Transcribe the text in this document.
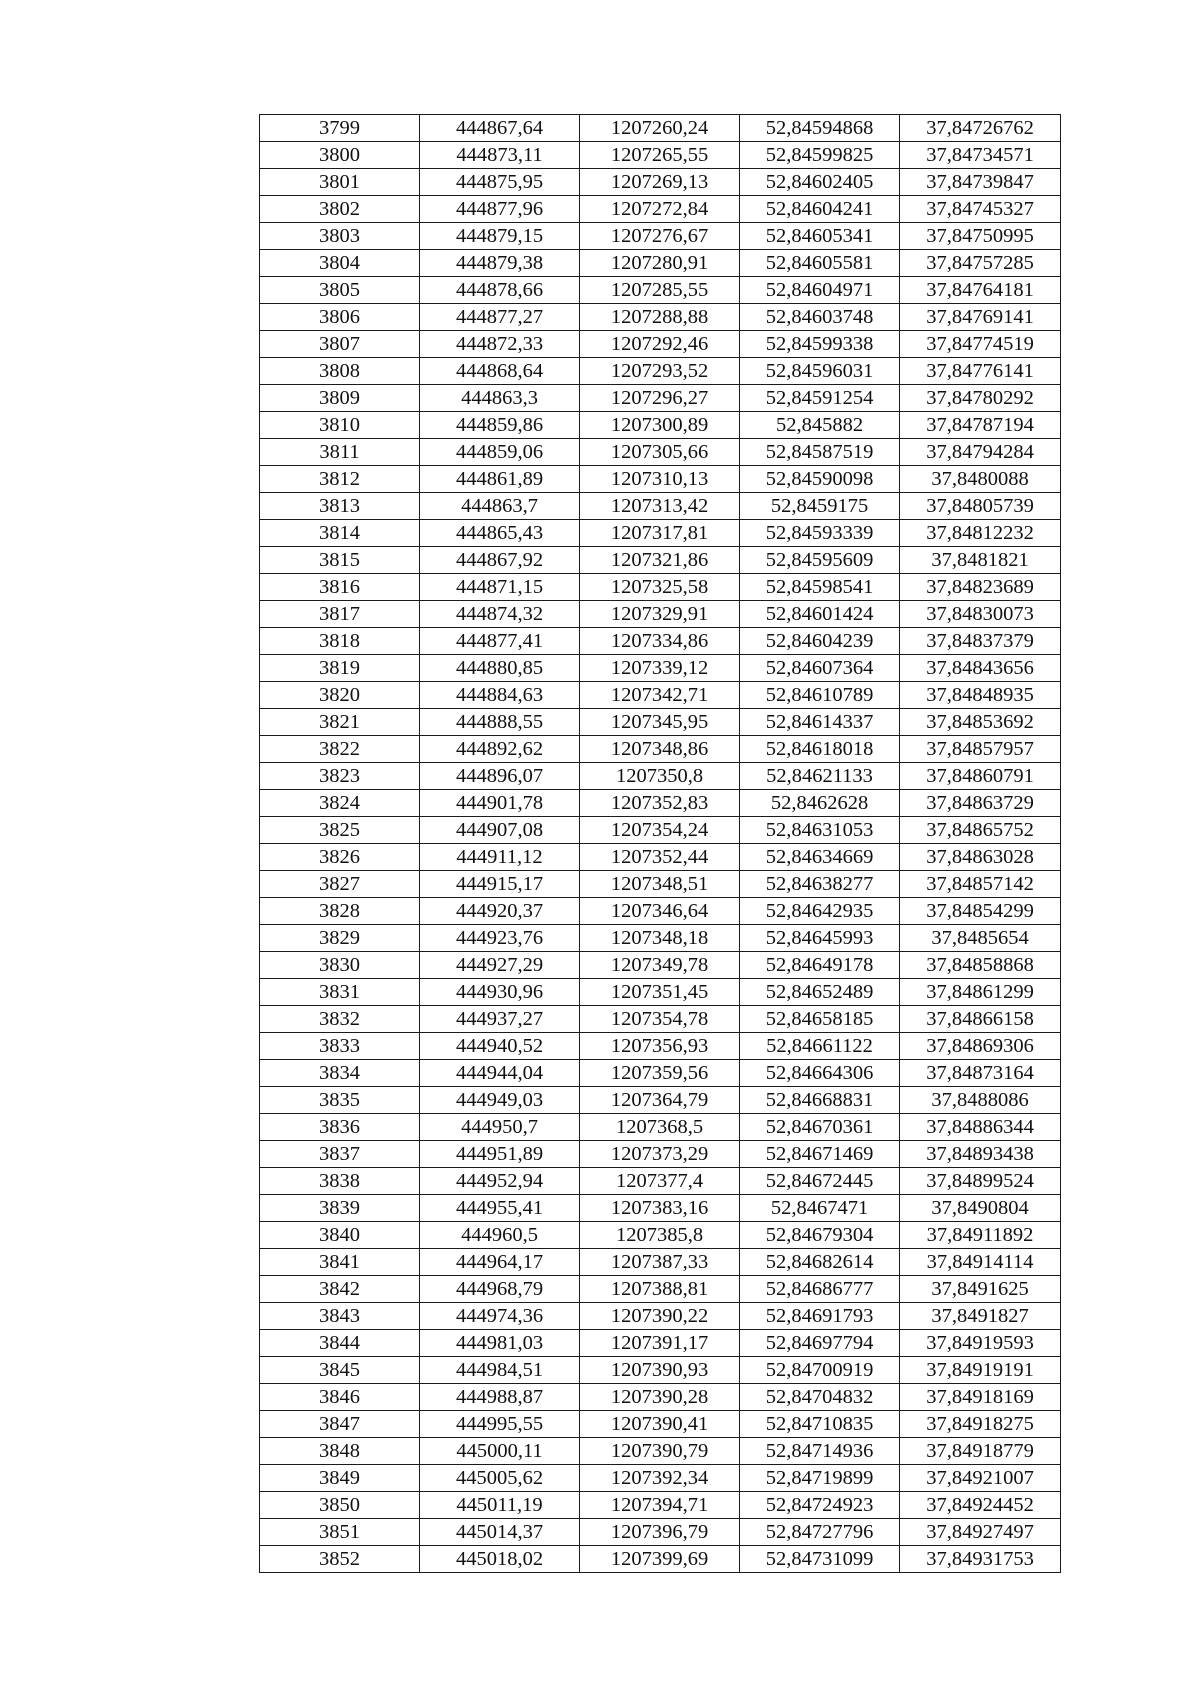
3799	444867,64	1207260,24	52,84594868	37,84726762
3800	444873,11	1207265,55	52,84599825	37,84734571
3801	444875,95	1207269,13	52,84602405	37,84739847
3802	444877,96	1207272,84	52,84604241	37,84745327
3803	444879,15	1207276,67	52,84605341	37,84750995
3804	444879,38	1207280,91	52,84605581	37,84757285
3805	444878,66	1207285,55	52,84604971	37,84764181
3806	444877,27	1207288,88	52,84603748	37,84769141
3807	444872,33	1207292,46	52,84599338	37,84774519
3808	444868,64	1207293,52	52,84596031	37,84776141
3809	444863,3	1207296,27	52,84591254	37,84780292
3810	444859,86	1207300,89	52,845882	37,84787194
3811	444859,06	1207305,66	52,84587519	37,84794284
3812	444861,89	1207310,13	52,84590098	37,8480088
3813	444863,7	1207313,42	52,8459175	37,84805739
3814	444865,43	1207317,81	52,84593339	37,84812232
3815	444867,92	1207321,86	52,84595609	37,8481821
3816	444871,15	1207325,58	52,84598541	37,84823689
3817	444874,32	1207329,91	52,84601424	37,84830073
3818	444877,41	1207334,86	52,84604239	37,84837379
3819	444880,85	1207339,12	52,84607364	37,84843656
3820	444884,63	1207342,71	52,84610789	37,84848935
3821	444888,55	1207345,95	52,84614337	37,84853692
3822	444892,62	1207348,86	52,84618018	37,84857957
3823	444896,07	1207350,8	52,84621133	37,84860791
3824	444901,78	1207352,83	52,8462628	37,84863729
3825	444907,08	1207354,24	52,84631053	37,84865752
3826	444911,12	1207352,44	52,84634669	37,84863028
3827	444915,17	1207348,51	52,84638277	37,84857142
3828	444920,37	1207346,64	52,84642935	37,84854299
3829	444923,76	1207348,18	52,84645993	37,8485654
3830	444927,29	1207349,78	52,84649178	37,84858868
3831	444930,96	1207351,45	52,84652489	37,84861299
3832	444937,27	1207354,78	52,84658185	37,84866158
3833	444940,52	1207356,93	52,84661122	37,84869306
3834	444944,04	1207359,56	52,84664306	37,84873164
3835	444949,03	1207364,79	52,84668831	37,8488086
3836	444950,7	1207368,5	52,84670361	37,84886344
3837	444951,89	1207373,29	52,84671469	37,84893438
3838	444952,94	1207377,4	52,84672445	37,84899524
3839	444955,41	1207383,16	52,8467471	37,8490804
3840	444960,5	1207385,8	52,84679304	37,84911892
3841	444964,17	1207387,33	52,84682614	37,84914114
3842	444968,79	1207388,81	52,84686777	37,8491625
3843	444974,36	1207390,22	52,84691793	37,8491827
3844	444981,03	1207391,17	52,84697794	37,84919593
3845	444984,51	1207390,93	52,84700919	37,84919191
3846	444988,87	1207390,28	52,84704832	37,84918169
3847	444995,55	1207390,41	52,84710835	37,84918275
3848	445000,11	1207390,79	52,84714936	37,84918779
3849	445005,62	1207392,34	52,84719899	37,84921007
3850	445011,19	1207394,71	52,84724923	37,84924452
3851	445014,37	1207396,79	52,84727796	37,84927497
3852	445018,02	1207399,69	52,84731099	37,84931753
